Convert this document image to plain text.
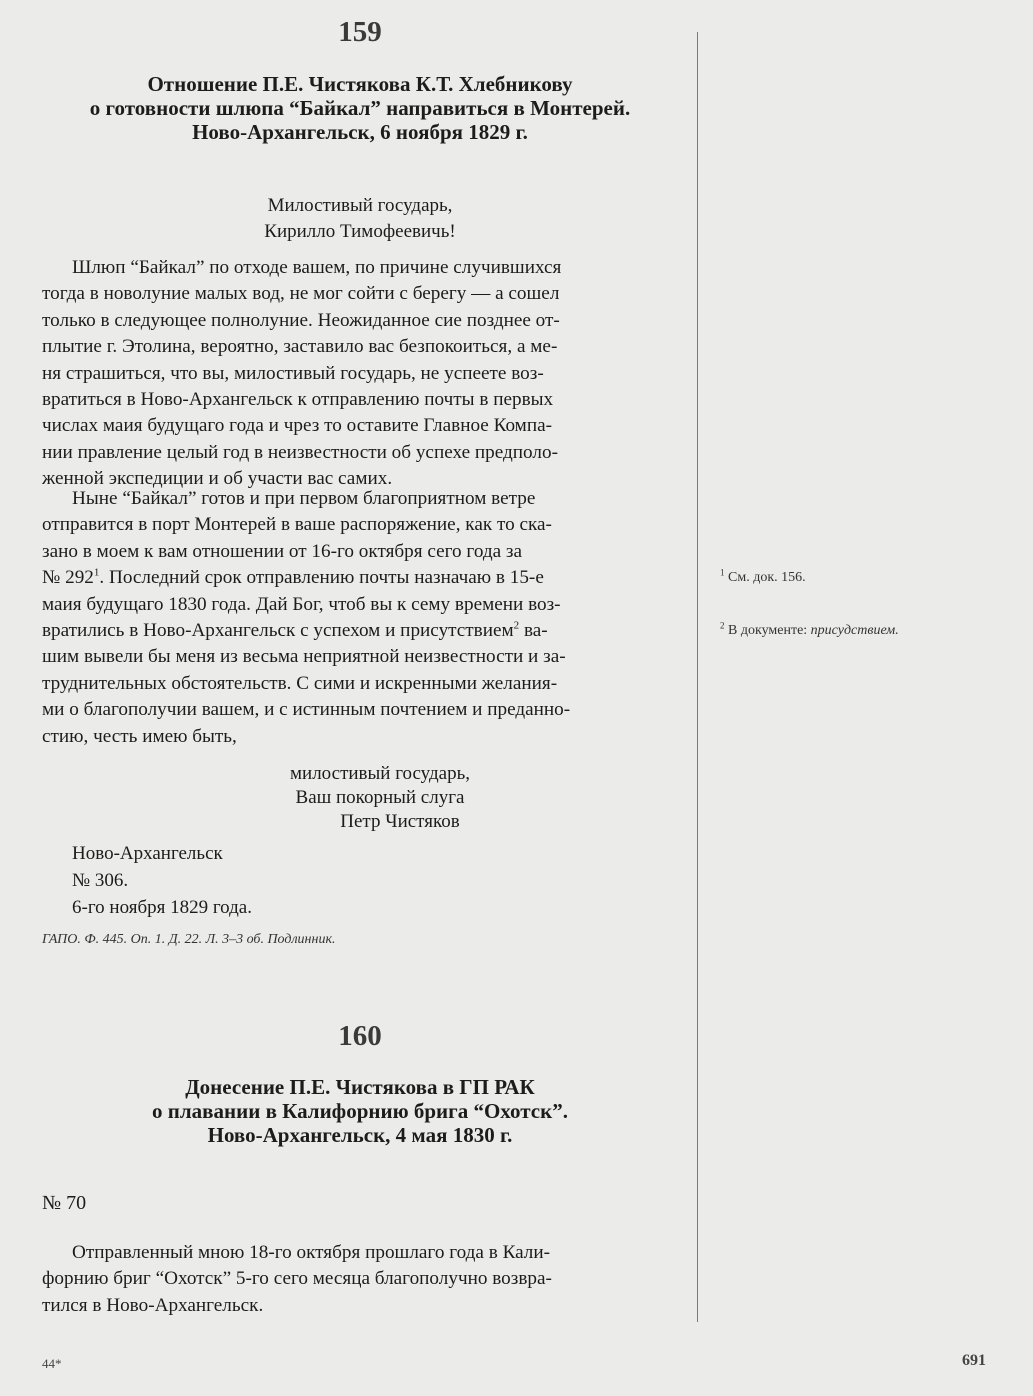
159
Отношение П.Е. Чистякова К.Т. Хлебникову
о готовности шлюпа “Байкал” направиться в Монтерей.
Ново-Архангельск, 6 ноября 1829 г.
Милостивый государь,
Кирилло Тимофеевичь!
Шлюп “Байкал” по отходе вашем, по причине случившихся
тогда в новолуние малых вод, не мог сойти с берегу — а сошел
только в следующее полнолуние. Неожиданное сие позднее от-
плытие г. Этолина, вероятно, заставило вас безпокоиться, а ме-
ня страшиться, что вы, милостивый государь, не успеете воз-
вратиться в Ново-Архангельск к отправлению почты в первых
числах маия будущаго года и чрез то оставите Главное Компа-
нии правление целый год в неизвестности об успехе предполо-
женной экспедиции и об участи вас самих.
Ныне “Байкал” готов и при первом благоприятном ветре
отправится в порт Монтерей в ваше распоряжение, как то ска-
зано в моем к вам отношении от 16-го октября сего года за
№ $292^1$. Последний срок отправлению почты назначаю в 15-е
маия будущаго 1830 года. Дай Бог, чтоб вы к сему времени воз-
вратились в Ново-Архангельск с успехом и присутствием$^2$ ва-
шим вывели бы меня из весьма неприятной неизвестности и за-
труднительных обстоятельств. С сими и искренными желания-
ми о благополучии вашем, и с истинным почтением и преданно-
стию, честь имею быть,
милостивый государь,
Ваш покорный слуга
Петр Чистяков
Ново-Архангельск
№ 306.
6-го ноября 1829 года.
ГАПО. Ф. 445. Оп. 1. Д. 22. Л. 3–3 об. Подлинник.
160
Донесение П.Е. Чистякова в ГП РАК
о плавании в Калифорнию брига “Охотск”.
Ново-Архангельск, 4 мая 1830 г.
№ 70
Отправленный мною 18-го октября прошлаго года в Кали-
форнию бриг “Охотск” 5-го сего месяца благополучно возвра-
тился в Ново-Архангельск.
$^1$ См. док. 156.
$^2$ В документе: присудствием.
44*	691
